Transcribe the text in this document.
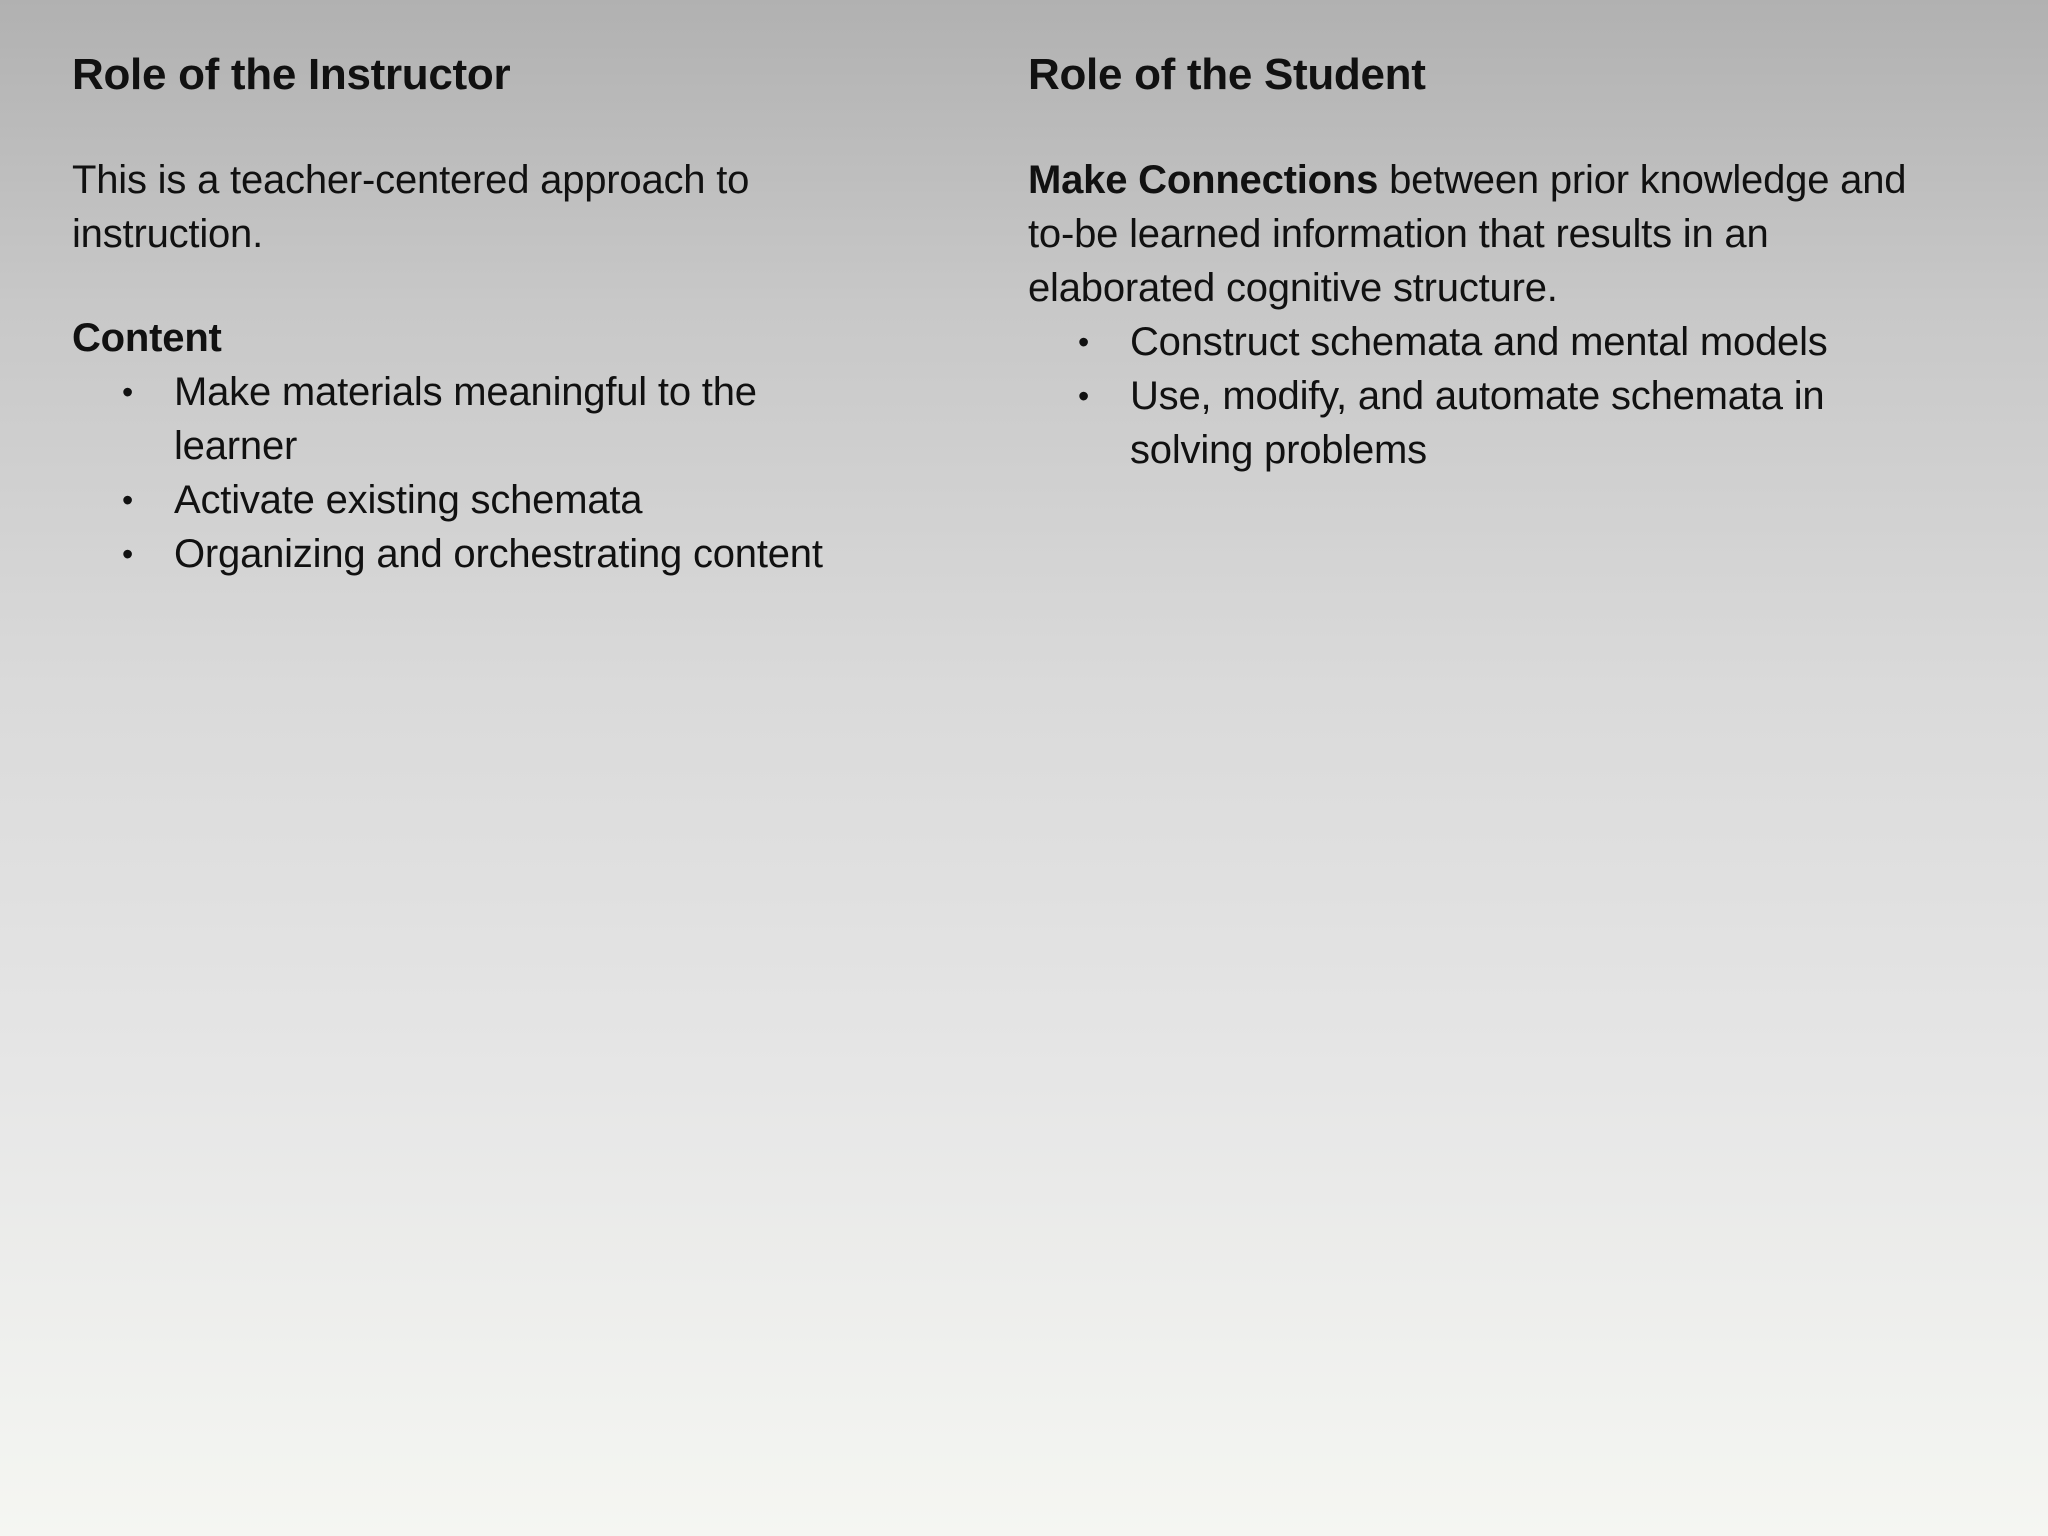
Role of the Instructor

This is a teacher-centered approach to instruction.

Content
• Make materials meaningful to the learner
• Activate existing schemata
• Organizing and orchestrating content
Role of the Student

Make Connections between prior knowledge and to-be learned information that results in an elaborated cognitive structure.

• Construct schemata and mental models
• Use, modify, and automate schemata in solving problems
